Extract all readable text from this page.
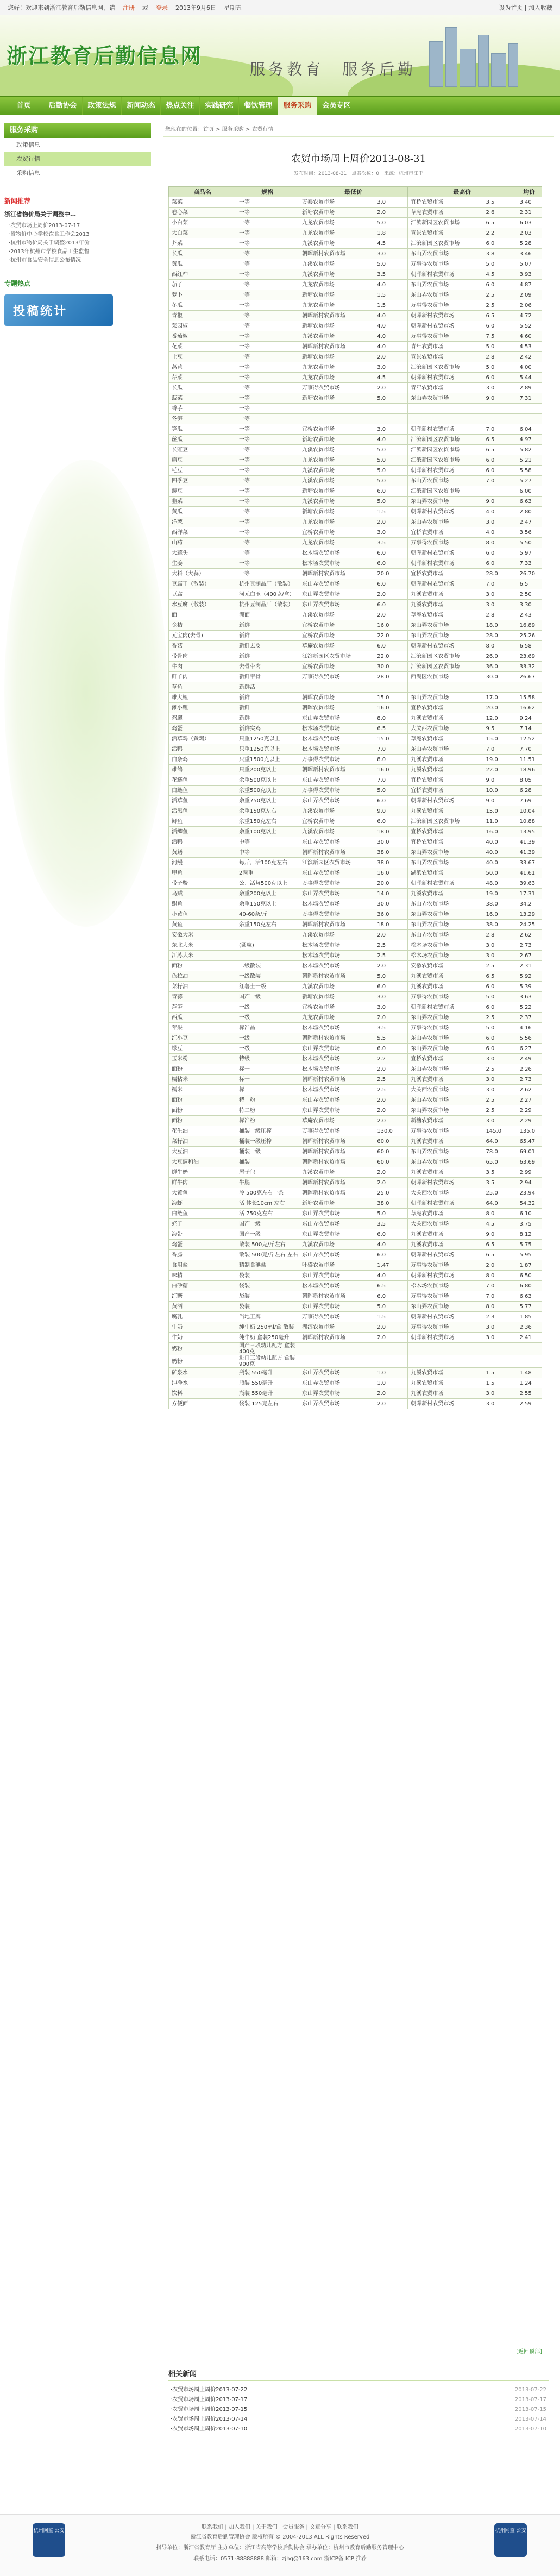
您好！欢迎来到浙江教育后勤信息网，请 注册 或 登录 2013年9月6日 星期五	设为首页 | 加入收藏
浙江教育后勤信息网
服务教育　服务后勤
首页	后勤协会	政策法规	新闻动态	热点关注	实践研究	餐饮管理	服务采购	会员专区
服务采购
政策信息
农贸行情
采购信息
新闻推荐
浙江省物价局关于调整中…
·农贸市场上周价2013-07-17
·省物价中心学校饮食工作会2013
·杭州市物价局关于调整2013年价
·2013年杭州市学校食品卫生监督
·杭州市食品安全信息公布情况
专题热点
投稿统计
您现在的位置：首页 > 服务采购 > 农贸行情
农贸市场周上周价2013-08-31
发布时间：2013-08-31　点击次数：0　来源：杭州市江干
商品名	规格	最低价		最高价		均价
菜菜	一等	万泰农贸市场	3.0	宜桥农贸市场	3.5	3.40
卷心菜	一等	新塘农贸市场	2.0	草庵农贸市场	2.6	2.31
小白菜	一等	九龙农贸市场	5.0	江滨新园区农贸市场	6.5	6.03
大白菜	一等	九龙农贸市场	1.8	宣景农贸市场	2.2	2.03
芥菜	一等	九溪农贸市场	4.5	江滨新园区农贸市场	6.0	5.28
长瓜	一等	朝晖新村农贸市场	3.0	东山弄农贸市场	3.8	3.46
黄瓜	一等	九溪农贸市场	5.0	万事得农贸市场	5.0	5.07
西红柿	一等	九溪农贸市场	3.5	朝晖新村农贸市场	4.5	3.93
茄子	一等	九龙农贸市场	4.0	东山弄农贸市场	6.0	4.87
萝卜	一等	新塘农贸市场	1.5	东山弄农贸市场	2.5	2.09
冬瓜	一等	九龙农贸市场	1.5	万事得农贸市场	2.5	2.06
青椒	一等	朝晖新村农贸市场	4.0	朝晖新村农贸市场	6.5	4.72
菜园椒	一等	新塘农贸市场	4.0	朝晖新村农贸市场	6.0	5.52
番茄椒	一等	九溪农贸市场	4.0	万事得农贸市场	7.5	4.60
花菜	一等	朝晖新村农贸市场	4.0	青年农贸市场	5.0	4.53
土豆	一等	新塘农贸市场	2.0	宣景农贸市场	2.8	2.42
莴苣	一等	九龙农贸市场	3.0	江滨新园区农贸市场	5.0	4.00
芹菜	一等	九龙农贸市场	4.5	朝晖新村农贸市场	6.0	5.44
长瓜	一等	万事得农贸市场	2.0	青年农贸市场	3.0	2.89
菠菜	一等	新塘农贸市场	5.0	东山弄农贸市场	9.0	7.31
香芋	一等					
冬笋	一等					
笋瓜	一等	宜桥农贸市场	3.0	朝晖新村农贸市场	7.0	6.04
丝瓜	一等	新塘农贸市场	4.0	江滨新园区农贸市场	6.5	4.97
长豇豆	一等	九溪农贸市场	5.0	江滨新园区农贸市场	6.5	5.82
扁豆	一等	九龙农贸市场	5.0	江滨新园区农贸市场	6.0	5.21
毛豆	一等	九溪农贸市场	5.0	朝晖新村农贸市场	6.0	5.58
四季豆	一等	九溪农贸市场	5.0	东山弄农贸市场	7.0	5.27
豌豆	一等	新塘农贸市场	6.0	江滨新园区农贸市场		6.00
韭菜	一等	九溪农贸市场	5.0	东山弄农贸市场	9.0	6.63
黄瓜	一等	新塘农贸市场	1.5	朝晖新村农贸市场	4.0	2.80
洋葱	一等	九龙农贸市场	2.0	东山弄农贸市场	3.0	2.47
西洋菜	一等	宜桥农贸市场	3.0	宜桥农贸市场	4.0	3.56
山药	一等	九龙农贸市场	3.5	万事得农贸市场	8.0	5.50
大蒜头	一等	松木场农贸市场	6.0	朝晖新村农贸市场	6.0	5.97
生姜	一等	松木场农贸市场	6.0	朝晖新村农贸市场	6.0	7.33
大料（大蒜）	一等	朝晖新村农贸市场	20.0	宜桥农贸市场	28.0	26.70
豆腐干（散装）	杭州豆制品厂（散装）	东山弄农贸市场	6.0	朝晖新村农贸市场	7.0	6.5
豆腐	河元白玉（400克/盒）	东山弄农贸市场	2.0	九溪农贸市场	3.0	2.50
水豆腐（散装）	杭州豆制品厂（散装）	东山弄农贸市场	6.0	九溪农贸市场	3.0	3.30
面	湖面	九溪农贸市场	2.0	草庵农贸市场	2.8	2.43
金桔	新鲜	宜桥农贸市场	16.0	东山弄农贸市场	18.0	16.89
元宝肉(去骨)	新鲜	宜桥农贸市场	22.0	东山弄农贸市场	28.0	25.26
香菇	新鲜去皮	草庵农贸市场	6.0	朝晖新村农贸市场	8.0	6.58
带骨肉	新鲜	江滨新园区农贸市场	22.0	江滨新园区农贸市场	26.0	23.69
牛肉	去骨带肉	宜桥农贸市场	30.0	江滨新园区农贸市场	36.0	33.32
鲜羊肉	新鲜带骨	万事得农贸市场	28.0	西湖区农贸市场	30.0	26.67
草鱼	新鲜活					
雄大鲤	新鲜	朝晖农贸市场	15.0	东山弄农贸市场	17.0	15.58
滩小鲤	新鲜	朝晖农贸市场	16.0	宜桥农贸市场	20.0	16.62
鸡腿	新鲜	东山弄农贸市场	8.0	九溪农贸市场	12.0	9.24
鸡蛋	新鲜实鸡	松木场农贸市场	6.5	大关西农贸市场	9.5	7.14
活草鸡（黄鸡）	只重1250克以上	松木场农贸市场	15.0	草庵农贸市场	15.0	12.52
活鸭	只重1250克以上	松木场农贸市场	7.0	东山弄农贸市场	7.0	7.70
白条鸡	只重1500克以上	万事得农贸市场	8.0	九溪农贸市场	19.0	11.51
雄鸽	只重200克以上	朝晖新村农贸市场	16.0	九溪农贸市场	22.0	18.96
花鲢鱼	余重500克以上	东山弄农贸市场	7.0	宜桥农贸市场	9.0	8.05
白鲢鱼	余重500克以上	万事得农贸市场	5.0	宜桥农贸市场	10.0	6.28
活草鱼	余重750克以上	东山弄农贸市场	6.0	朝晖新村农贸市场	9.0	7.69
活黑鱼	余重150克左右	九溪农贸市场	9.0	九溪农贸市场	15.0	10.04
鲫鱼	余重150克左右	宜桥农贸市场	6.0	江滨新园区农贸市场	11.0	10.88
活鲫鱼	余重100克以上	九溪农贸市场	18.0	宜桥农贸市场	16.0	13.95
活鸭	中等	东山弄农贸市场	30.0	宜桥农贸市场	40.0	41.39
黄鳝	中等	朝晖新村农贸市场	38.0	东山弄农贸市场	40.0	41.39
河鳗	每斤，活100克左右	江滨新园区农贸市场	38.0	东山弄农贸市场	40.0	33.67
甲鱼	2两重	东山弄农贸市场	16.0	湖滨农贸市场	50.0	41.61
带子鳖	公、活每500克以上	万事得农贸市场	20.0	朝晖新村农贸市场	48.0	39.63
乌贼	余重200克以上	东山弄农贸市场	14.0	九溪农贸市场	19.0	17.31
鲳鱼	余重150克以上	松木场农贸市场	30.0	东山弄农贸市场	38.0	34.2
小黄鱼	40-60条/斤	万事得农贸市场	36.0	东山弄农贸市场	16.0	13.29
黄鱼	余重150克左右	朝晖新村农贸市场	18.0	东山弄农贸市场	38.0	24.25
安徽大米		九溪农贸市场	2.0	东山弄农贸市场	2.8	2.62
东北大米	(圆粒)	松木场农贸市场	2.5	松木场农贸市场	3.0	2.73
江苏大米		松木场农贸市场	2.5	松木场农贸市场	3.0	2.67
面粉	二级散装	松木场农贸市场	2.0	安徽农贸市场	2.5	2.31
色拉油	一级散装	朝晖新村农贸市场	5.0	九溪农贸市场	6.5	5.92
菜籽油	红薯土一级	九溪农贸市场	6.0	九溪农贸市场	6.0	5.39
青蒜	国产一级	新塘农贸市场	3.0	万事得农贸市场	5.0	3.63
芦笋	一级	宜桥农贸市场	3.0	朝晖新村农贸市场	6.0	5.22
西瓜	一级	九龙农贸市场	2.0	东山弄农贸市场	2.5	2.37
苹果	标准品	松木场农贸市场	3.5	万事得农贸市场	5.0	4.16
红小豆	一级	朝晖新村农贸市场	5.5	东山弄农贸市场	6.0	5.56
绿豆	一级	东山弄农贸市场	6.0	东山弄农贸市场	6.0	6.27
玉米粉	特级	松木场农贸市场	2.2	宜桥农贸市场	3.0	2.49
面粉	标一	松木场农贸市场	2.0	东山弄农贸市场	2.5	2.26
糯粘米	标一	朝晖新村农贸市场	2.5	九溪农贸市场	3.0	2.73
糯米	标一	松木场农贸市场	2.5	大关西农贸市场	3.0	2.62
面粉	特一粉	东山弄农贸市场	2.0	东山弄农贸市场	2.5	2.27
面粉	特二粉	东山弄农贸市场	2.0	东山弄农贸市场	2.5	2.29
面粉	标准粉	草庵农贸市场	2.0	新塘农贸市场	3.0	2.29
花生油	桶装一级压榨	万事得农贸市场	130.0	万事得农贸市场	145.0	135.0
菜籽油	桶装一级压榨	朝晖新村农贸市场	60.0	九溪农贸市场	64.0	65.47
大豆油	桶装一级	朝晖新村农贸市场	60.0	东山弄农贸市场	78.0	69.01
大豆调和油	桶装	朝晖新村农贸市场	60.0	东山弄农贸市场	65.0	63.69
鲜牛奶	屋子包	九溪农贸市场	2.0	九溪农贸市场	3.5	2.99
鲜牛肉	牛腿	朝晖新村农贸市场	2.0	朝晖新村农贸市场	3.5	2.94
大黄鱼	冷 500克左右一条	朝晖新村农贸市场	25.0	大关西农贸市场	25.0	23.94
海虾	活 体长10cm 左右	新塘农贸市场	38.0	朝晖新村农贸市场	64.0	54.32
白鲢鱼	活 750克左右	东山弄农贸市场	5.0	草庵农贸市场	8.0	6.10
蛏子	国产一级	东山弄农贸市场	3.5	大关西农贸市场	4.5	3.75
海带	国产一级	东山弄农贸市场	6.0	九溪农贸市场	9.0	8.12
鸡蛋	散装 500克/斤左右	九溪农贸市场	4.0	九溪农贸市场	6.5	5.75
香肠	散装 500克/斤左右 左右	东山弄农贸市场	6.0	朝晖新村农贸市场	6.5	5.95
食用盐	精制食碘盐	叶盛农贸市场	1.47	万事得农贸市场	2.0	1.87
味精	袋装	东山弄农贸市场	4.0	朝晖新村农贸市场	8.0	6.50
白砂糖	袋装	松木场农贸市场	6.5	松木场农贸市场	7.0	6.80
红糖	袋装	朝晖新村农贸市场	6.0	万事得农贸市场	7.0	6.63
黄酒	袋装	东山弄农贸市场	5.0	东山弄农贸市场	8.0	5.77
腐乳	当地王牌	万事得农贸市场	1.5	朝晖新村农贸市场	2.3	1.85
牛奶	纯牛奶 250ml/盒 散装	湖滨农贸市场	2.0	万事得农贸市场	3.0	2.36
牛奶	纯牛奶 盒装250毫升	朝晖新村农贸市场	2.0	朝晖新村农贸市场	3.0	2.41
奶粉	国产三段幼儿配方 盒装400克					
奶粉	进口三段幼儿配方 盒装900克					
矿泉水	瓶装 550毫升	东山弄农贸市场	1.0	九溪农贸市场	1.5	1.48
纯净水	瓶装 550毫升	东山弄农贸市场	1.0	九溪农贸市场	1.5	1.24
饮料	瓶装 550毫升	东山弄农贸市场	2.0	九溪农贸市场	3.0	2.55
方便面	袋装 125克左右	东山弄农贸市场	2.0	朝晖新村农贸市场	3.0	2.59
[返回顶部]
相关新闻
·农贸市场周上周价2013-07-22	2013-07-22
·农贸市场周上周价2013-07-17	2013-07-17
·农贸市场周上周价2013-07-15	2013-07-15
·农贸市场周上周价2013-07-14	2013-07-14
·农贸市场周上周价2013-07-10	2013-07-10
杭州网监 公安
联系我们 | 加入我们 | 关于我们 | 会员服务 | 文章分享 | 联系我们
浙江省教育后勤管理协会 版权所有 © 2004-2013 ALL Rights Reserved
指导单位：浙江省教育厅 主办单位：浙江省高等学校后勤协会 承办单位：杭州市教育后勤服务管理中心
联系电话：0571-88888888 邮箱：zjhq@163.com 浙ICP备 ICP 推荐
杭州网监 公安
